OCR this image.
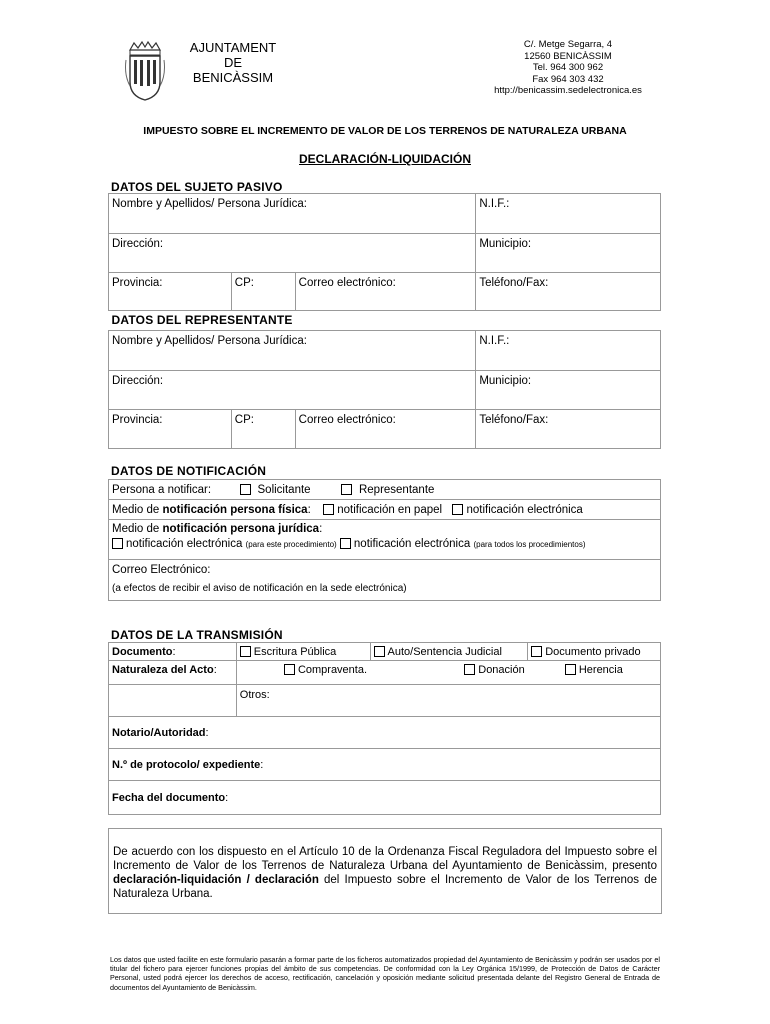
AJUNTAMENT
DE
BENICÀSSIM
C/. Metge Segarra, 4
12560 BENICÀSSIM
Tel. 964 300 962
Fax 964 303 432
http://benicassim.sedelectronica.es
IMPUESTO SOBRE EL INCREMENTO DE VALOR DE LOS TERRENOS DE NATURALEZA URBANA
DECLARACIÓN-LIQUIDACIÓN
DATOS DEL SUJETO PASIVO
Nombre y Apellidos/ Persona Jurídica:			N.I.F.:

Dirección:			Municipio:

Provincia:	CP:	Correo electrónico:	Teléfono/Fax:
DATOS DEL REPRESENTANTE			

Nombre y Apellidos/ Persona Jurídica:			N.I.F.:

Dirección:			Municipio:

Provincia:	CP:	Correo electrónico:	Teléfono/Fax:
DATOS DE NOTIFICACIÓN
Persona a notificar:	Solicitante	Representante
Medio de notificación persona física: notificación en papel notificación electrónica

Medio de notificación persona jurídica:
notificación electrónica (para este procedimiento) notificación electrónica (para todos los procedimientos)

Correo Electrónico:
(a efectos de recibir el aviso de notificación en la sede electrónica)
DATOS DE LA TRANSMISIÓN
Documento:	Escritura Pública	Auto/Sentencia Judicial	Documento privado
Naturaleza del Acto:	Compraventa.	Donación	Herencia
	Otros:		
Notario/Autoridad:			
N.º de protocolo/ expediente:			
Fecha del documento:			
De acuerdo con los dispuesto en el Artículo 10 de la Ordenanza Fiscal Reguladora del Impuesto sobre el Incremento de Valor de los Terrenos de Naturaleza Urbana del Ayuntamiento de Benicàssim, presento declaración-liquidación / declaración del Impuesto sobre el Incremento de Valor de los Terrenos de Naturaleza Urbana.
Los datos que usted facilite en este formulario pasarán a formar parte de los ficheros automatizados propiedad del Ayuntamiento de Benicàssim y podrán ser usados por el titular del fichero para ejercer funciones propias del ámbito de sus competencias. De conformidad con la Ley Orgánica 15/1999, de Protección de Datos de Carácter Personal, usted podrá ejercer los derechos de acceso, rectificación, cancelación y oposición mediante solicitud presentada delante del Registro General de Entrada de documentos del Ayuntamiento de Benicàssim.
